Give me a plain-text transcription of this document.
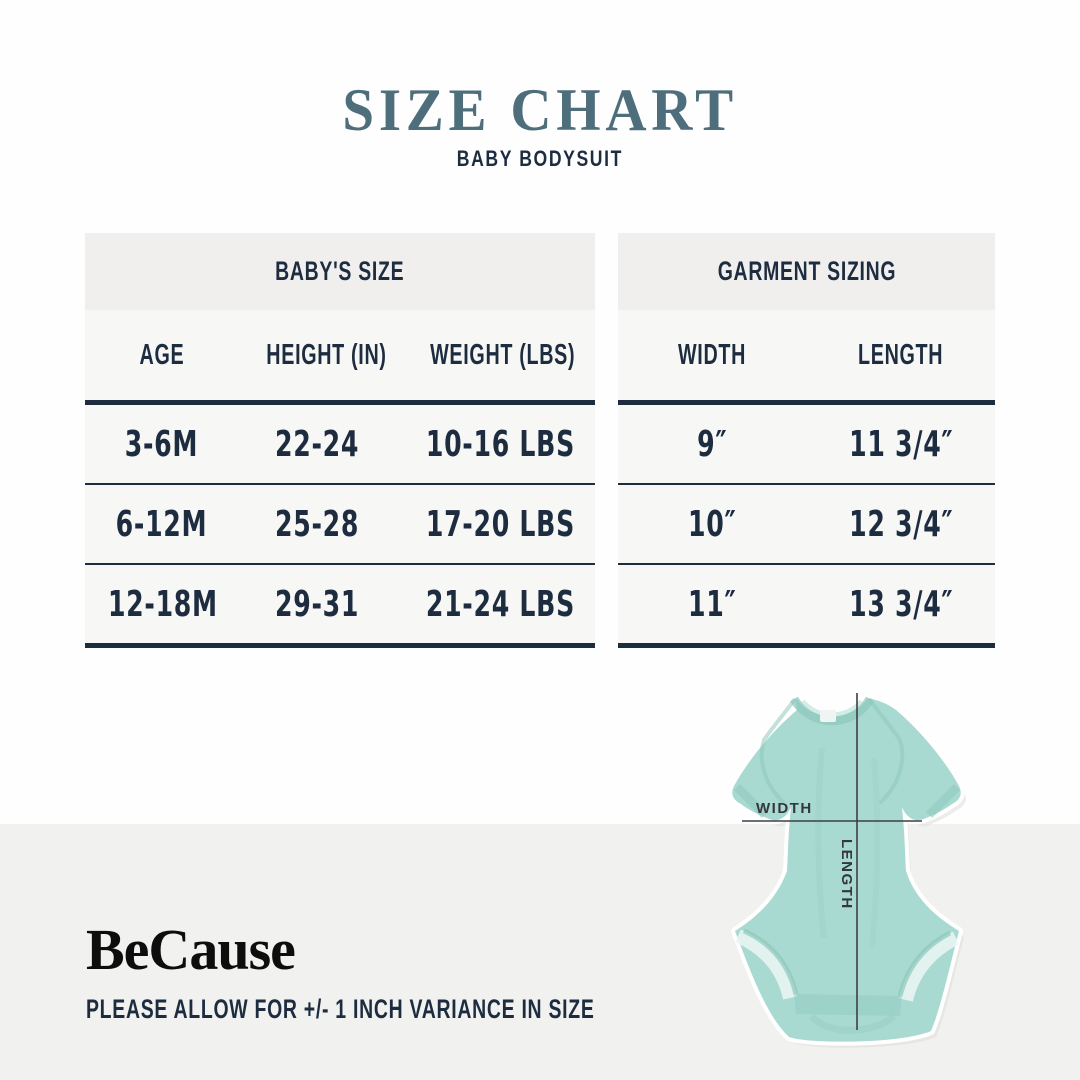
SIZE CHART
BABY BODYSUIT
BABY'S SIZE
AGE	HEIGHT (IN)	WEIGHT (LBS)
3-6M	22-24	10-16 LBS
6-12M	25-28	17-20 LBS
12-18M	29-31	21-24 LBS
GARMENT SIZING
WIDTH	LENGTH
9″	11 3/4″
10″	12 3/4″
11″	13 3/4″
BeCause
PLEASE ALLOW FOR +/- 1 INCH VARIANCE IN SIZE
WIDTH
LENGTH
